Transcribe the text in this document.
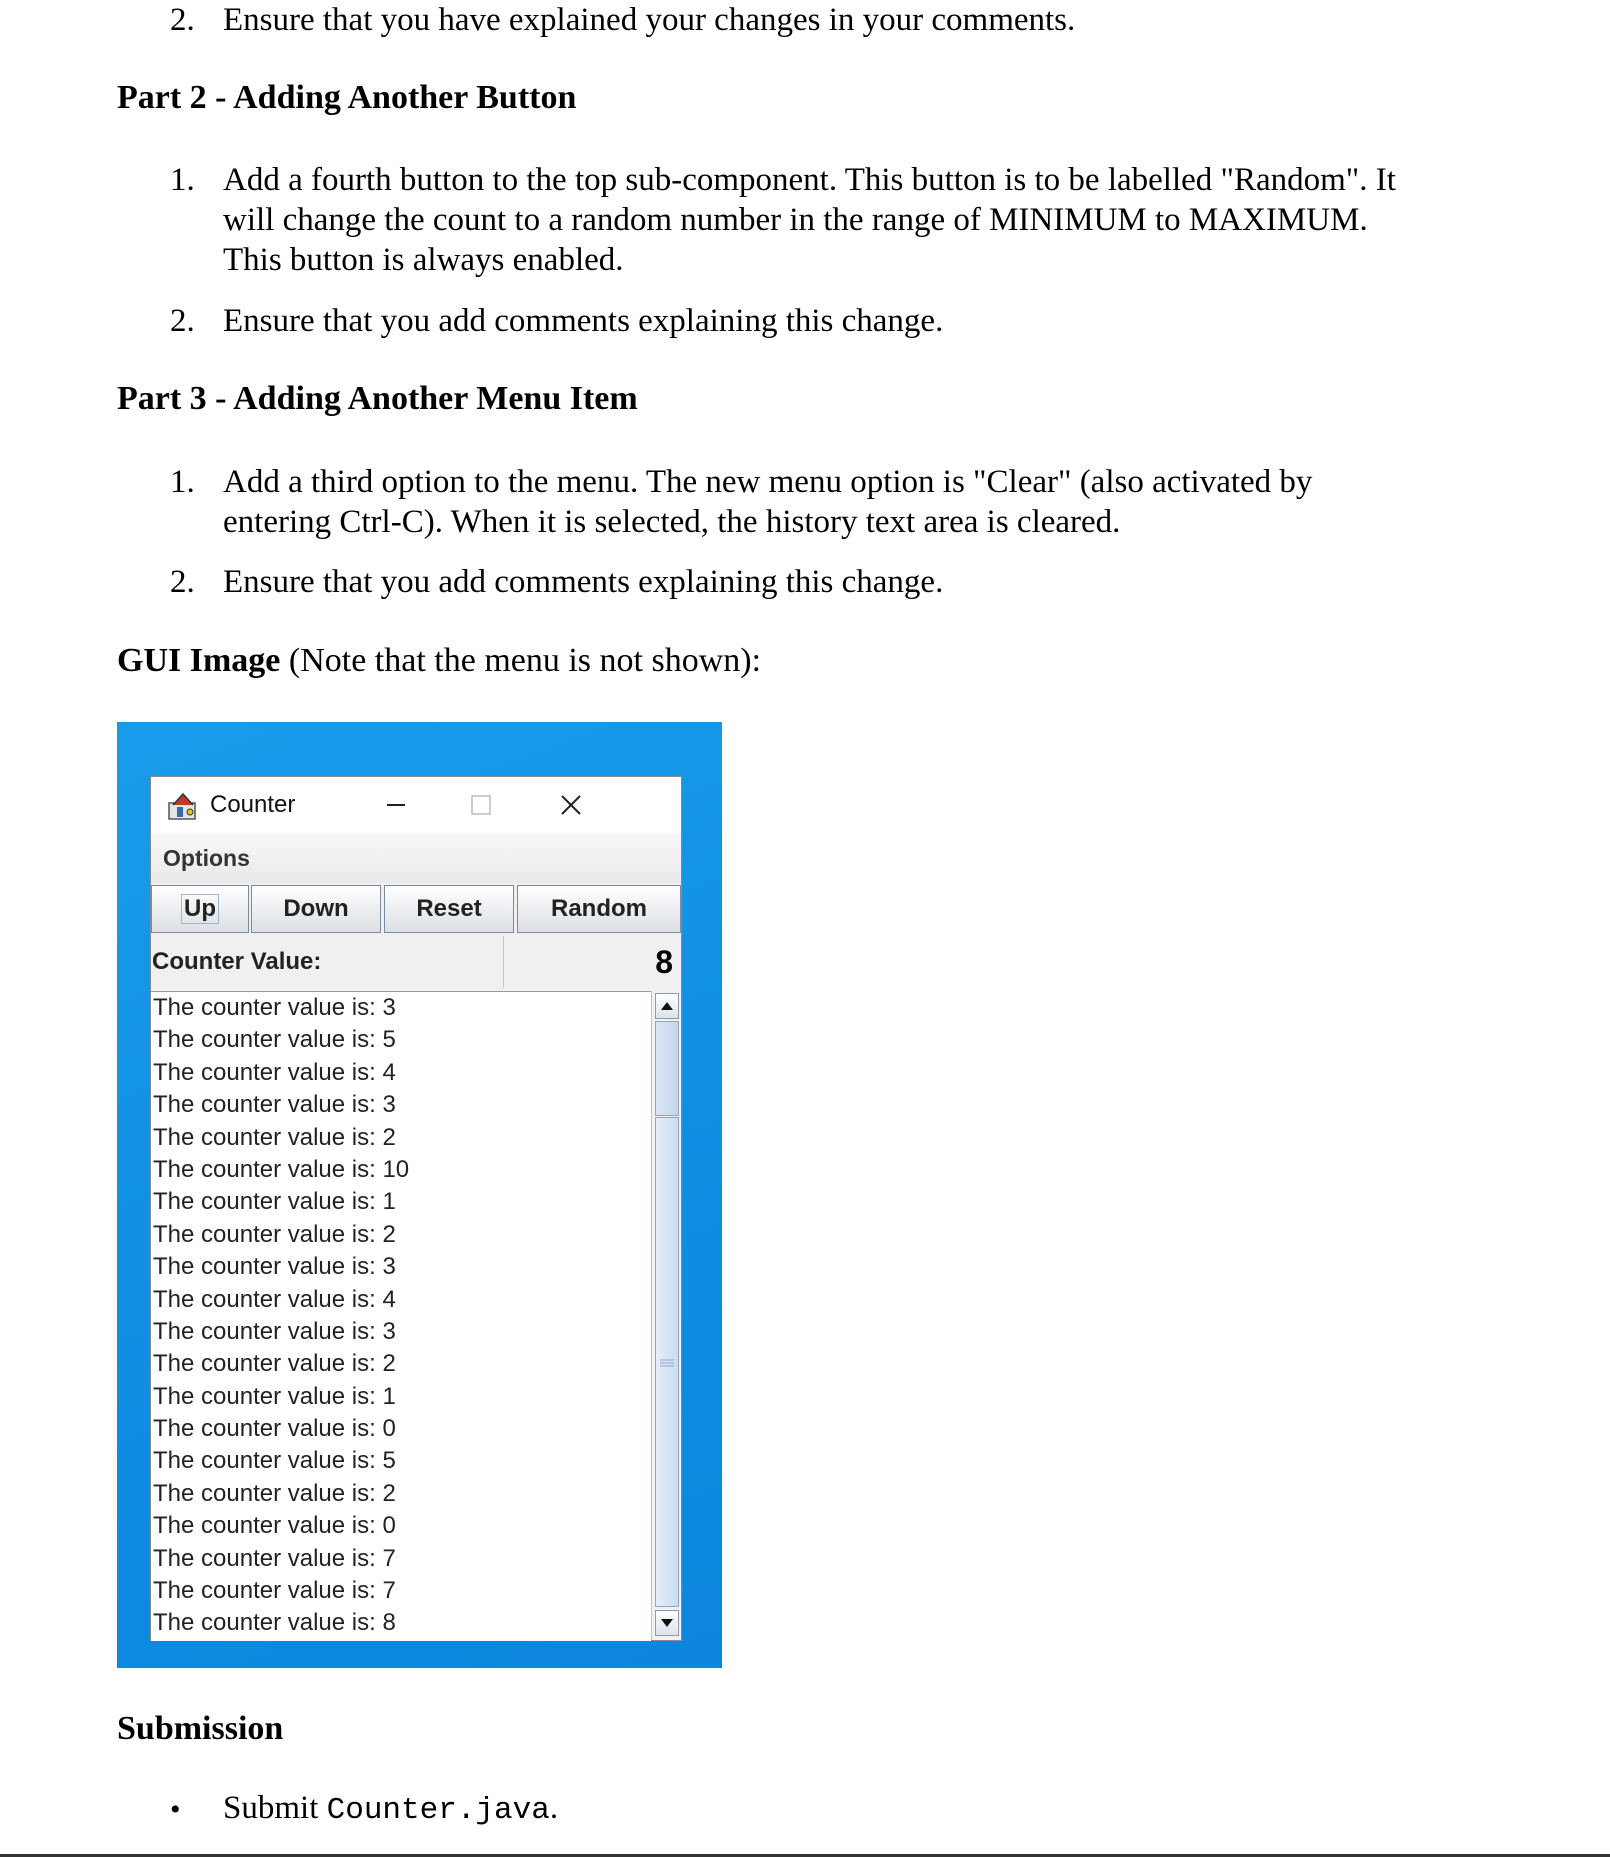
2. Ensure that you have explained your changes in your comments.
Part 2 - Adding Another Button
1. Add a fourth button to the top sub-component. This button is to be labelled "Random". It
will change the count to a random number in the range of MINIMUM to MAXIMUM.
This button is always enabled.
2. Ensure that you add comments explaining this change.
Part 3 - Adding Another Menu Item
1. Add a third option to the menu. The new menu option is "Clear" (also activated by
entering Ctrl-C). When it is selected, the history text area is cleared.
2. Ensure that you add comments explaining this change.
GUI Image (Note that the menu is not shown):
Counter
Options
Up	Down	Reset	Random
Counter Value:	8
The counter value is: 3
The counter value is: 5
The counter value is: 4
The counter value is: 3
The counter value is: 2
The counter value is: 10
The counter value is: 1
The counter value is: 2
The counter value is: 3
The counter value is: 4
The counter value is: 3
The counter value is: 2
The counter value is: 1
The counter value is: 0
The counter value is: 5
The counter value is: 2
The counter value is: 0
The counter value is: 7
The counter value is: 7
The counter value is: 8
Submission
• Submit Counter.java.
